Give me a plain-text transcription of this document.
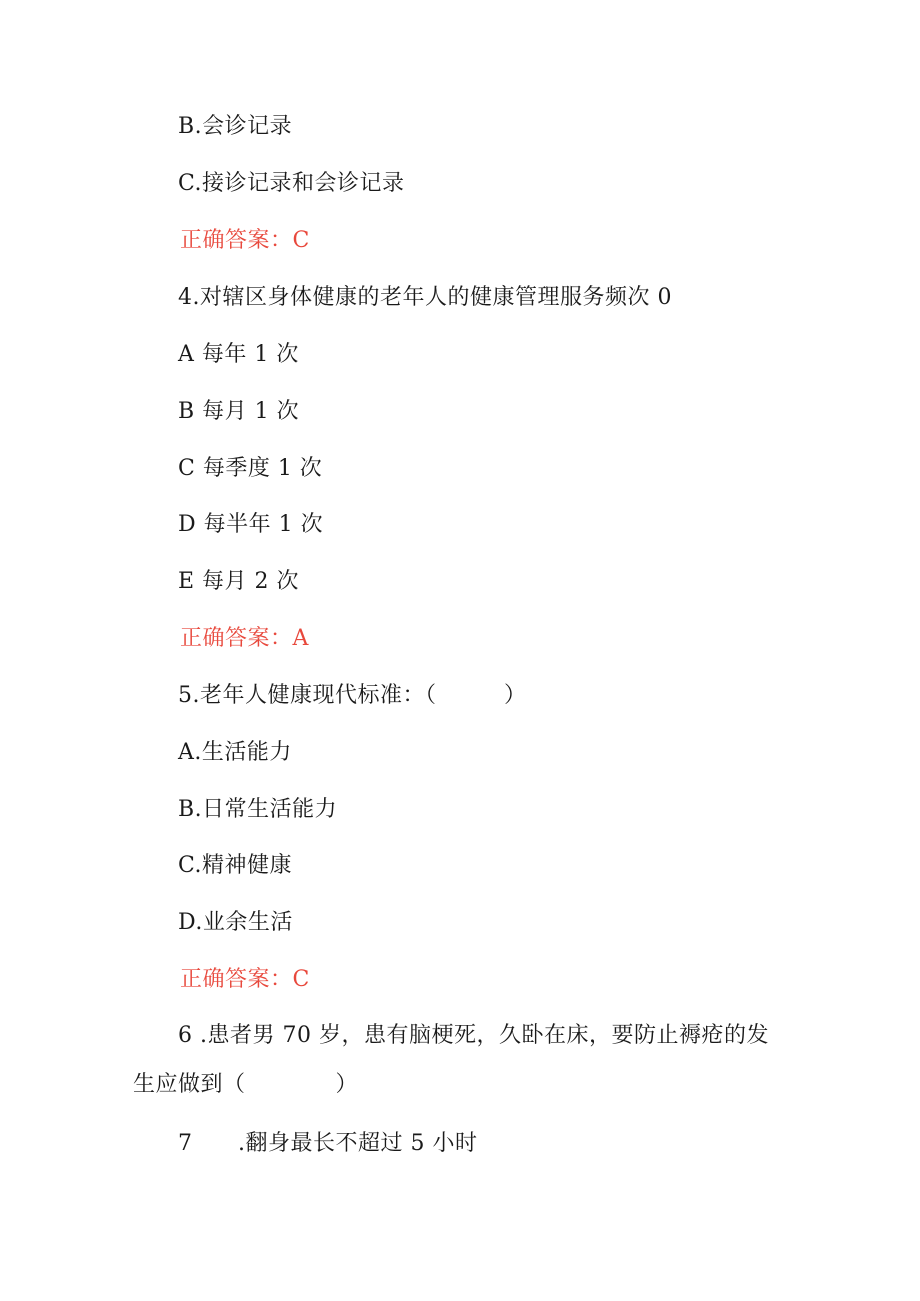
B.会诊记录
C.接诊记录和会诊记录
正确答案：C
4.对辖区身体健康的老年人的健康管理服务频次 0
A 每年 1 次
B 每月 1 次
C 每季度 1 次
D 每半年 1 次
E 每月 2 次
正确答案：A
5.老年人健康现代标准：（　　　）
A.生活能力
B.日常生活能力
C.精神健康
D.业余生活
正确答案：C
6 .患者男 70 岁，患有脑梗死，久卧在床，要防止褥疮的发
生应做到（　　　　）
7 .翻身最长不超过 5 小时
